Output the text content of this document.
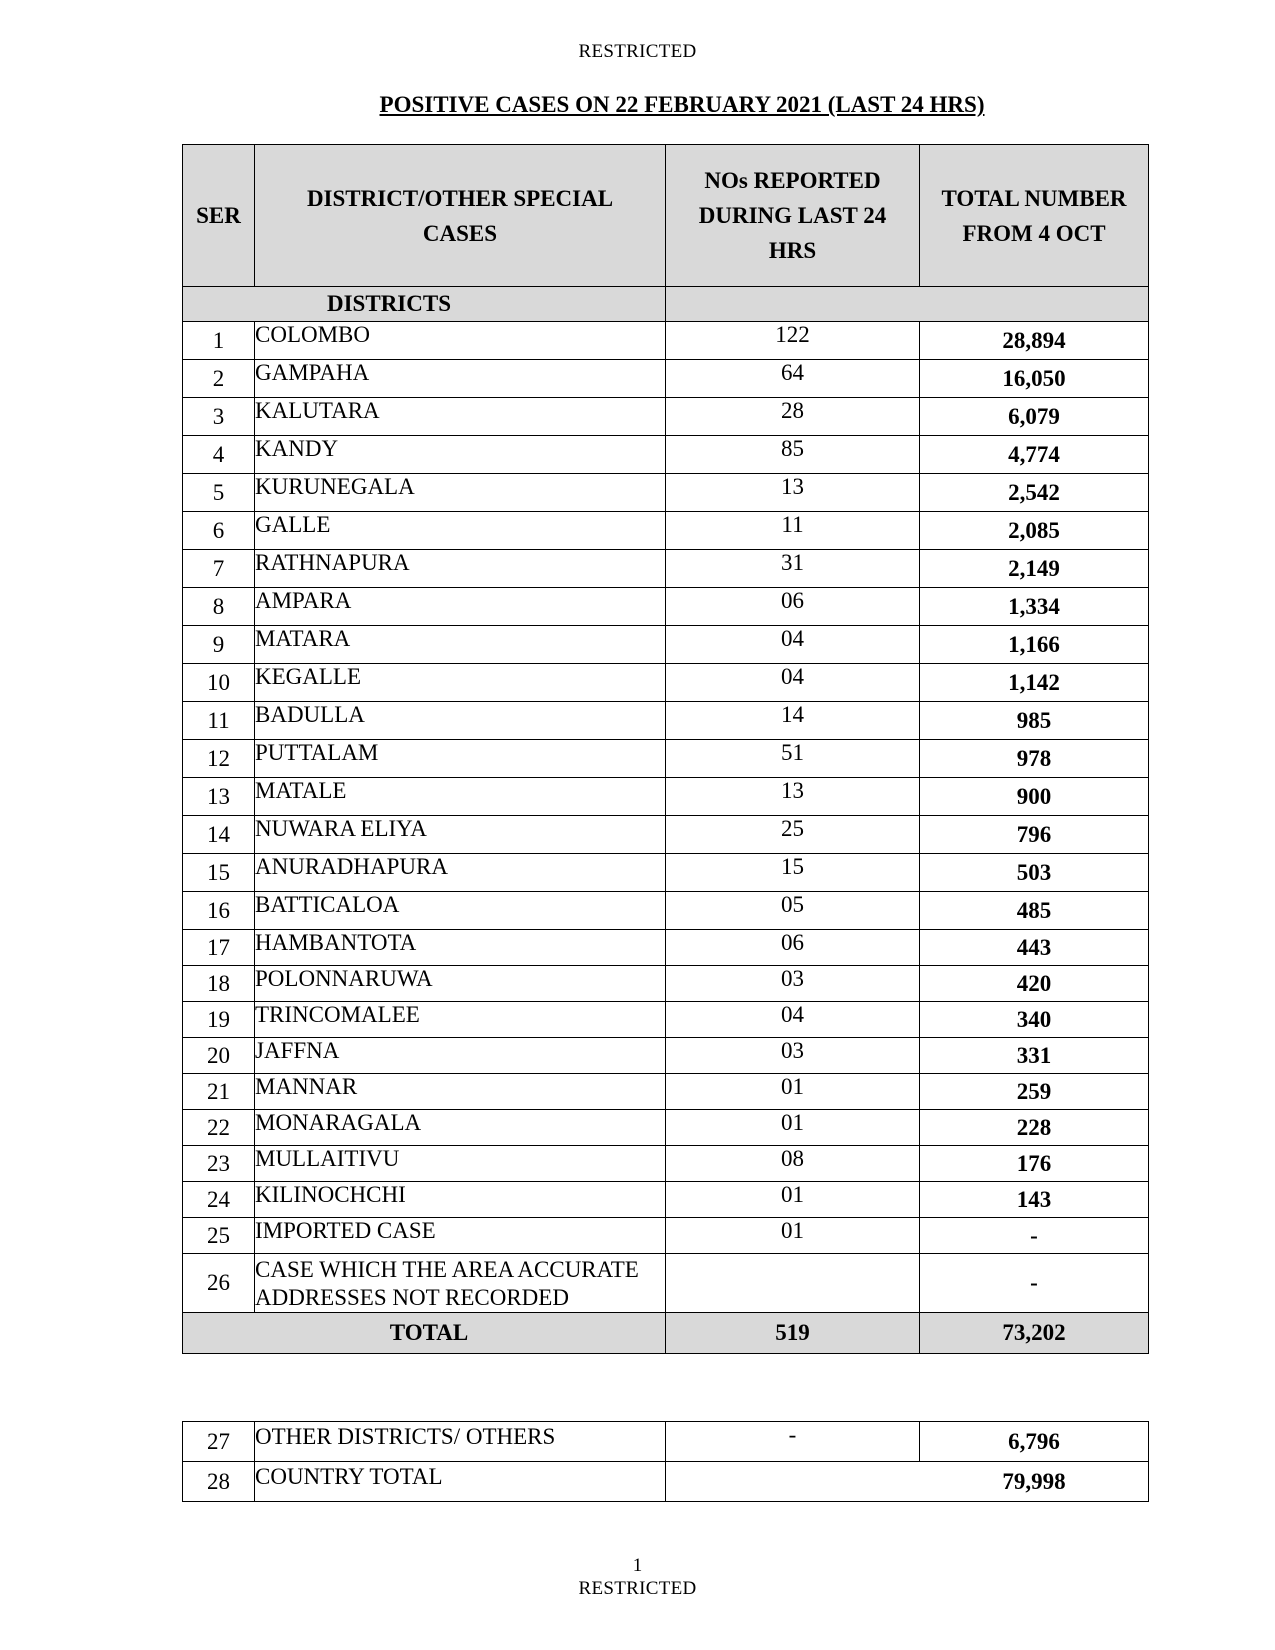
RESTRICTED
POSITIVE CASES ON 22 FEBRUARY 2021 (LAST 24 HRS)
SER	DISTRICT/OTHER SPECIAL CASES	NOs REPORTED DURING LAST 24 HRS	TOTAL NUMBER FROM 4 OCT
DISTRICTS			
1	COLOMBO	122	28,894
2	GAMPAHA	64	16,050
3	KALUTARA	28	6,079
4	KANDY	85	4,774
5	KURUNEGALA	13	2,542
6	GALLE	11	2,085
7	RATHNAPURA	31	2,149
8	AMPARA	06	1,334
9	MATARA	04	1,166
10	KEGALLE	04	1,142
11	BADULLA	14	985
12	PUTTALAM	51	978
13	MATALE	13	900
14	NUWARA ELIYA	25	796
15	ANURADHAPURA	15	503
16	BATTICALOA	05	485
17	HAMBANTOTA	06	443
18	POLONNARUWA	03	420
19	TRINCOMALEE	04	340
20	JAFFNA	03	331
21	MANNAR	01	259
22	MONARAGALA	01	228
23	MULLAITIVU	08	176
24	KILINOCHCHI	01	143
25	IMPORTED CASE	01	-
26	CASE WHICH THE AREA ACCURATE ADDRESSES NOT RECORDED		-
TOTAL		519	73,202
27	OTHER DISTRICTS/ OTHERS	-	6,796
28	COUNTRY TOTAL	79,998	
1
RESTRICTED
